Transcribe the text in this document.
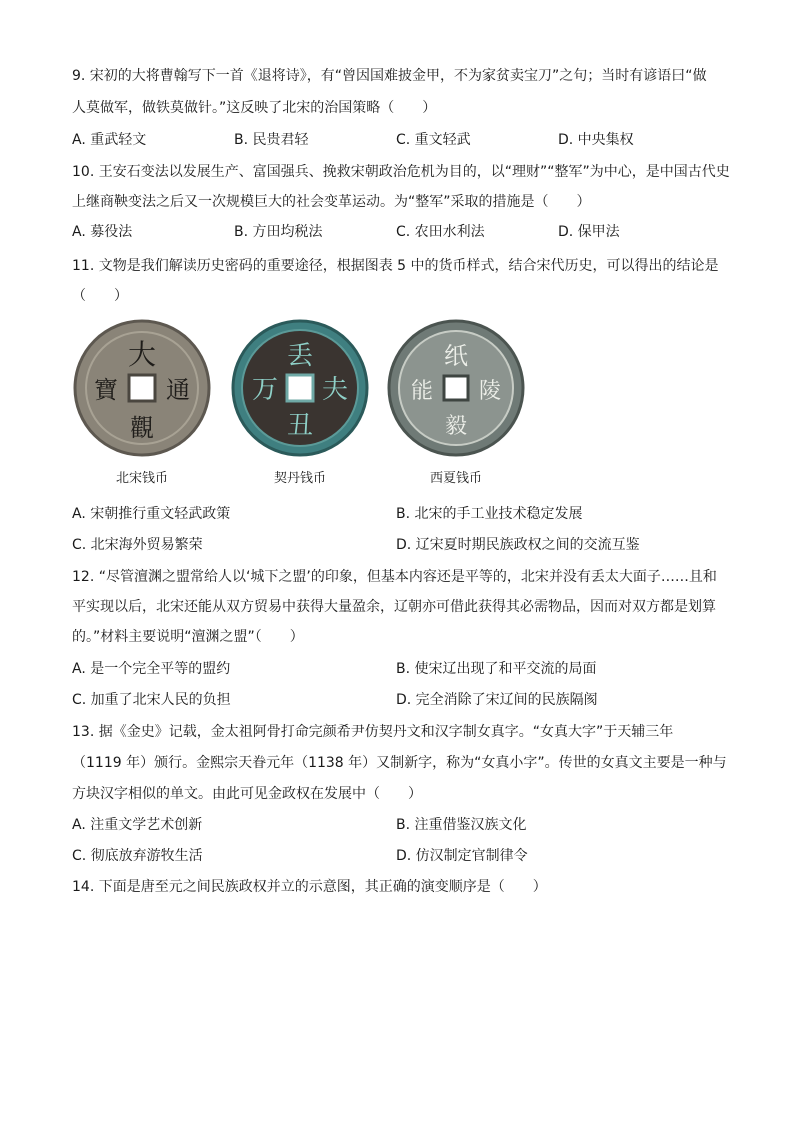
9. 宋初的大将曹翰写下一首《退将诗》，有“曾因国难披金甲，不为家贫卖宝刀”之句；当时有谚语曰“做
人莫做军，做铁莫做针。”这反映了北宋的治国策略（　　）
A. 重武轻文	B. 民贵君轻	C. 重文轻武	D. 中央集权
10. 王安石变法以发展生产、富国强兵、挽救宋朝政治危机为目的，以“理财”“整军”为中心，是中国古代史
上继商鞅变法之后又一次规模巨大的社会变革运动。为“整军”采取的措施是（　　）
A. 募役法	B. 方田均税法	C. 农田水利法	D. 保甲法
11. 文物是我们解读历史密码的重要途径，根据图表 5 中的货币样式，结合宋代历史，可以得出的结论是
（　　）
大
通
觀
寶
北宋钱币
丢
夫
丑
万
契丹钱币
纸
陵
毅
能
西夏钱币
A. 宋朝推行重文轻武政策	B. 北宋的手工业技术稳定发展
C. 北宋海外贸易繁荣	D. 辽宋夏时期民族政权之间的交流互鉴
12. “尽管澶渊之盟常给人以‘城下之盟’的印象，但基本内容还是平等的，北宋并没有丢太大面子……且和
平实现以后，北宋还能从双方贸易中获得大量盈余，辽朝亦可借此获得其必需物品，因而对双方都是划算
的。”材料主要说明“澶渊之盟”（　　）
A. 是一个完全平等的盟约	B. 使宋辽出现了和平交流的局面
C. 加重了北宋人民的负担	D. 完全消除了宋辽间的民族隔阂
13. 据《金史》记载，金太祖阿骨打命完颜希尹仿契丹文和汉字制女真字。“女真大字”于天辅三年
（1119 年）颁行。金熙宗天眷元年（1138 年）又制新字，称为“女真小字”。传世的女真文主要是一种与
方块汉字相似的单文。由此可见金政权在发展中（　　）
A. 注重文学艺术创新	B. 注重借鉴汉族文化
C. 彻底放弃游牧生活	D. 仿汉制定官制律令
14. 下面是唐至元之间民族政权并立的示意图，其正确的演变顺序是（　　）
